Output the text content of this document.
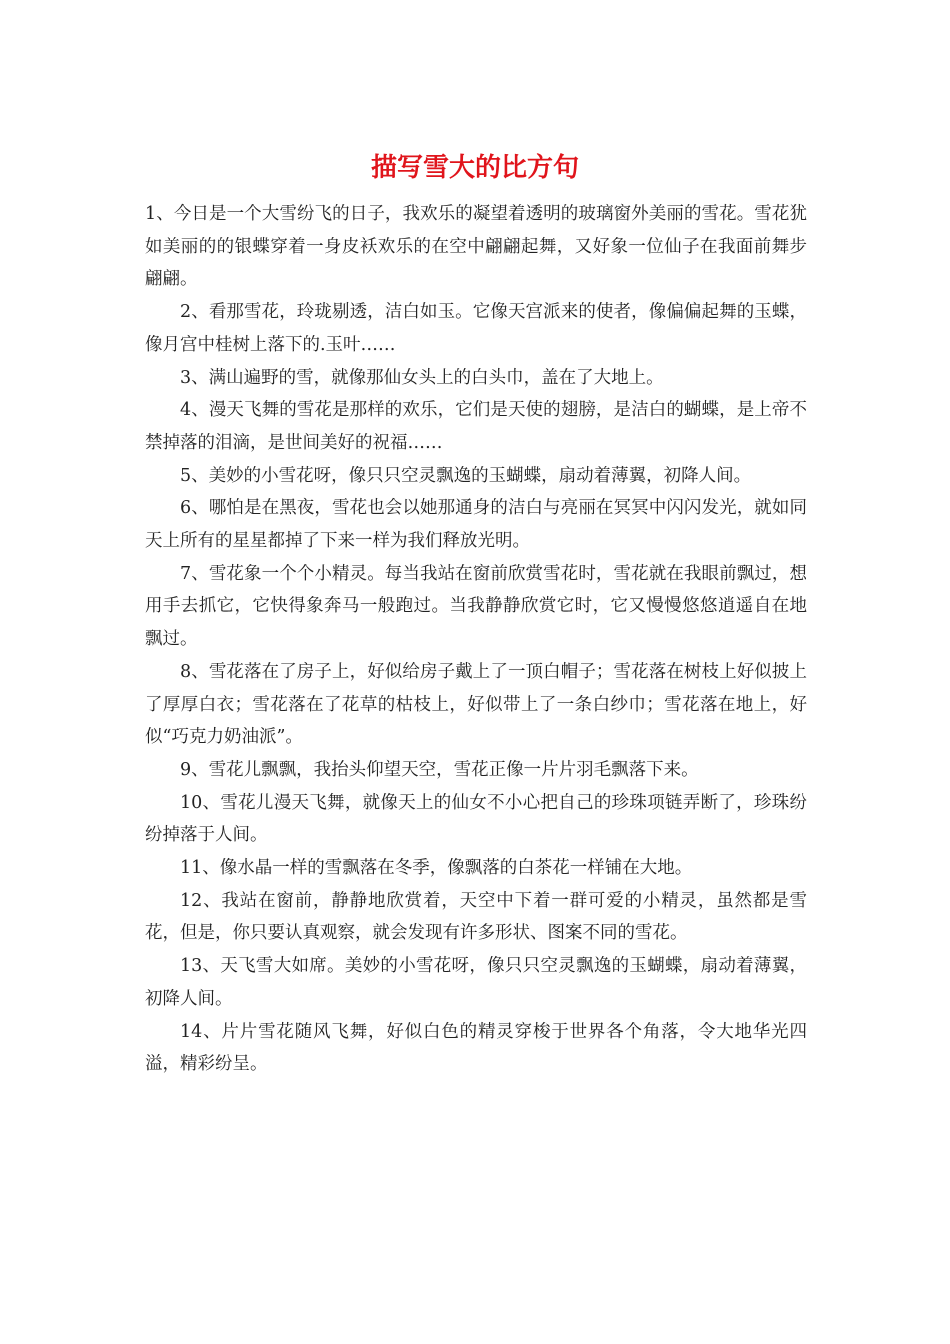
描写雪大的比方句

1、今日是一个大雪纷飞的日子，我欢乐的凝望着透明的玻璃窗外美丽的雪花。雪花犹如美丽的的银蝶穿着一身皮袄欢乐的在空中翩翩起舞，又好象一位仙子在我面前舞步翩翩。

2、看那雪花，玲珑剔透，洁白如玉。它像天宫派来的使者，像偏偏起舞的玉蝶，像月宫中桂树上落下的.玉叶……

3、满山遍野的雪，就像那仙女头上的白头巾，盖在了大地上。

4、漫天飞舞的雪花是那样的欢乐，它们是天使的翅膀，是洁白的蝴蝶，是上帝不禁掉落的泪滴，是世间美好的祝福……

5、美妙的小雪花呀，像只只空灵飘逸的玉蝴蝶，扇动着薄翼，初降人间。

6、哪怕是在黑夜，雪花也会以她那通身的洁白与亮丽在冥冥中闪闪发光，就如同天上所有的星星都掉了下来一样为我们释放光明。

7、雪花象一个个小精灵。每当我站在窗前欣赏雪花时，雪花就在我眼前飘过，想用手去抓它，它快得象奔马一般跑过。当我静静欣赏它时，它又慢慢悠悠逍遥自在地飘过。

8、雪花落在了房子上，好似给房子戴上了一顶白帽子；雪花落在树枝上好似披上了厚厚白衣；雪花落在了花草的枯枝上，好似带上了一条白纱巾；雪花落在地上，好似“巧克力奶油派”。

9、雪花儿飘飘，我抬头仰望天空，雪花正像一片片羽毛飘落下来。

10、雪花儿漫天飞舞，就像天上的仙女不小心把自己的珍珠项链弄断了，珍珠纷纷掉落于人间。

11、像水晶一样的雪飘落在冬季，像飘落的白茶花一样铺在大地。

12、我站在窗前，静静地欣赏着，天空中下着一群可爱的小精灵，虽然都是雪花，但是，你只要认真观察，就会发现有许多形状、图案不同的雪花。

13、天飞雪大如席。美妙的小雪花呀，像只只空灵飘逸的玉蝴蝶，扇动着薄翼，初降人间。

14、片片雪花随风飞舞，好似白色的精灵穿梭于世界各个角落，令大地华光四溢，精彩纷呈。
